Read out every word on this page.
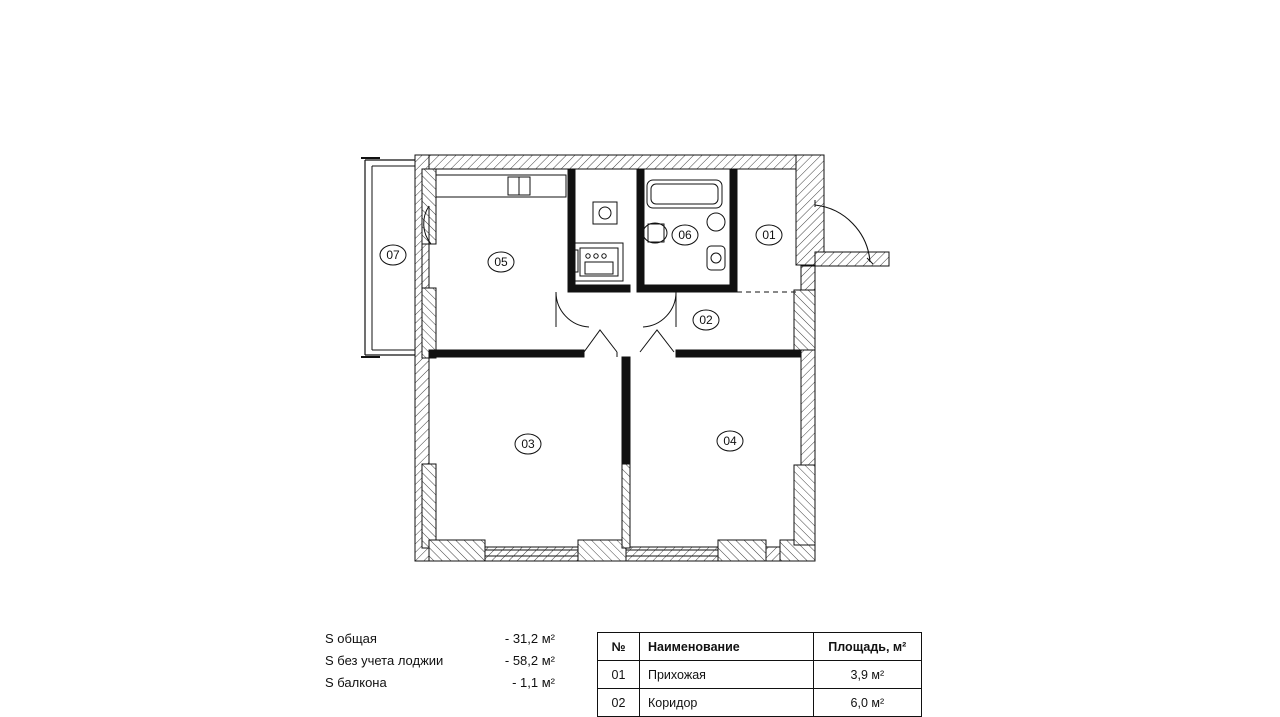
01
02
03	04
05
06
07
S общая	- 31,2 м²
S без учета лоджии	- 58,2 м²
S балкона	- 1,1 м²
№	Наименование	Площадь, м²
01	Прихожая	3,9 м²
02	Коридор	6,0 м²
